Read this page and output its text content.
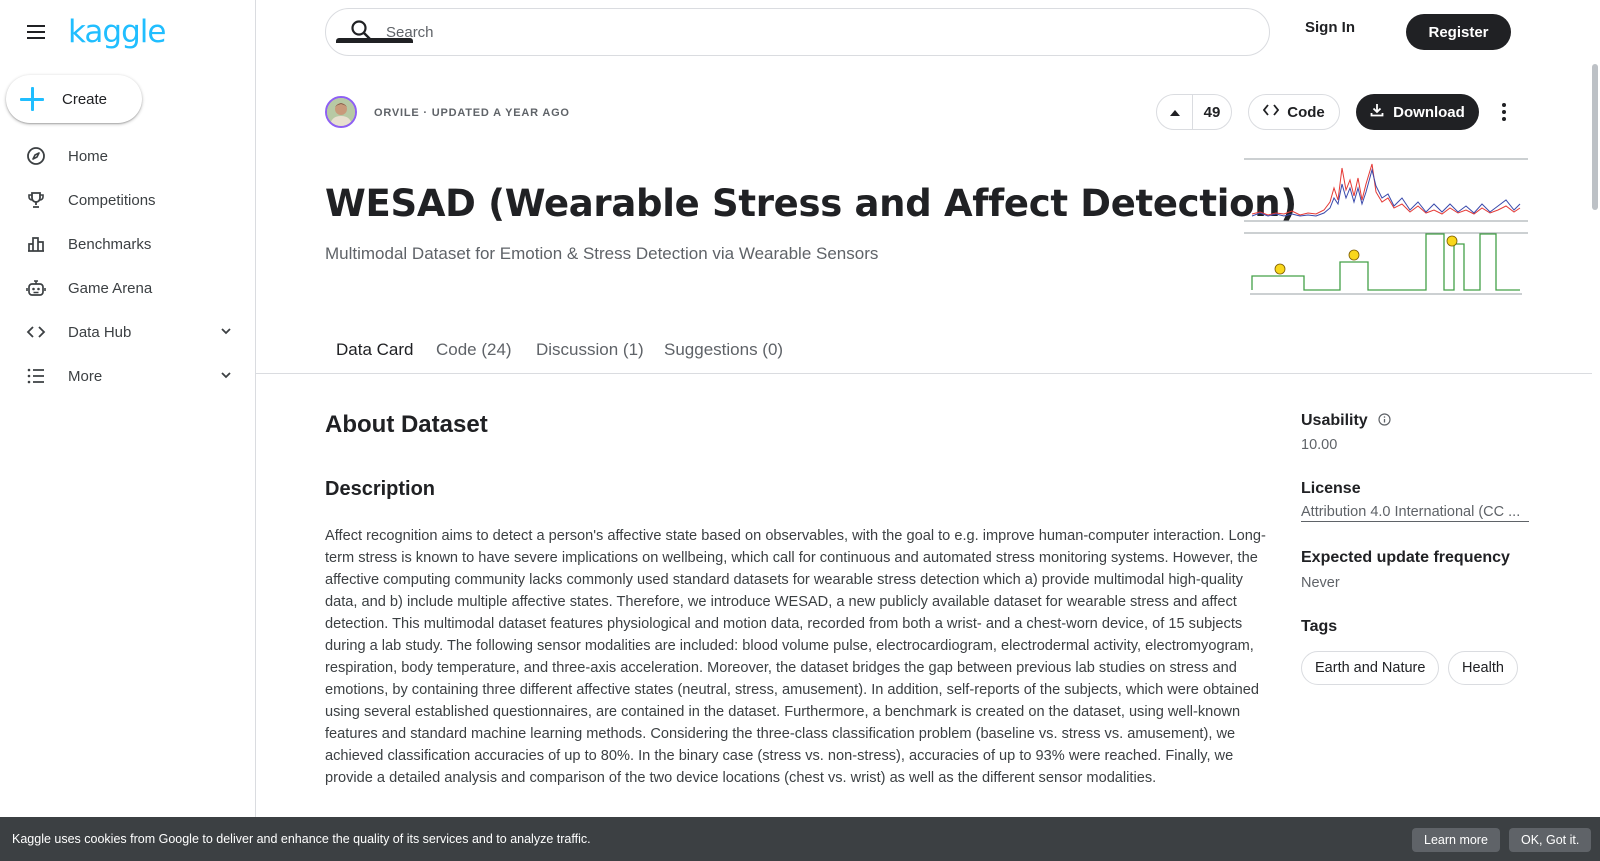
kaggle
Create
Home
Competitions
Benchmarks
Game Arena
Data Hub
More
Search
Sign In	Register
ORVILE · UPDATED A YEAR AGO	49	Code	Download
WESAD (Wearable Stress and Affect Detection)

Multimodal Dataset for Emotion & Stress Detection via Wearable Sensors

Data Card Code (24) Discussion (1) Suggestions (0)
About Dataset
Description

Affect recognition aims to detect a person's affective state based on observables, with the goal to e.g. improve human-computer interaction. Long-term stress is known to have severe implications on wellbeing, which call for continuous and automated stress monitoring systems. However, the affective computing community lacks commonly used standard datasets for wearable stress detection which a) provide multimodal high-quality data, and b) include multiple affective states. Therefore, we introduce WESAD, a new publicly available dataset for wearable stress and affect detection. This multimodal dataset features physiological and motion data, recorded from both a wrist- and a chest-worn device, of 15 subjects during a lab study. The following sensor modalities are included: blood volume pulse, electrocardiogram, electrodermal activity, electromyogram, respiration, body temperature, and three-axis acceleration. Moreover, the dataset bridges the gap between previous lab studies on stress and emotions, by containing three different affective states (neutral, stress, amusement). In addition, self-reports of the subjects, which were obtained using several established questionnaires, are contained in the dataset. Furthermore, a benchmark is created on the dataset, using well-known features and standard machine learning methods. Considering the three-class classification problem (baseline vs. stress vs. amusement), we achieved classification accuracies of up to 80%. In the binary case (stress vs. non-stress), accuracies of up to 93% were reached. Finally, we provide a detailed analysis and comparison of the two device locations (chest vs. wrist) as well as the different sensor modalities.

Usability
10.00
License
Attribution 4.0 International (CC ...
Expected update frequency
Never
Tags
Earth and Nature	Health
Kaggle uses cookies from Google to deliver and enhance the quality of its services and to analyze traffic.	Learn more	OK, Got it.
